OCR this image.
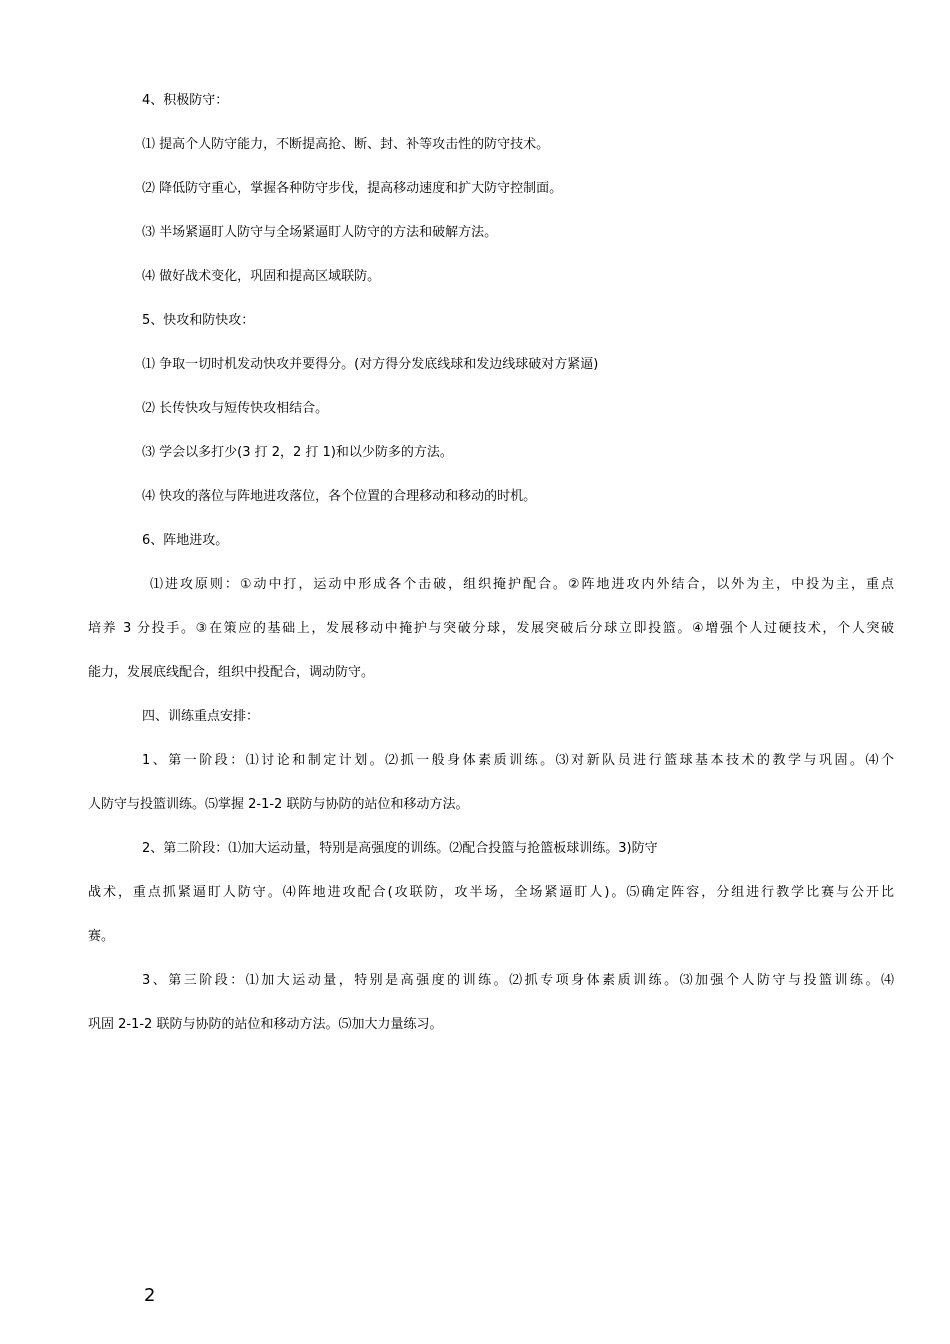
4、积极防守：
⑴ 提高个人防守能力，不断提高抢、断、封、补等攻击性的防守技术。
⑵ 降低防守重心，掌握各种防守步伐，提高移动速度和扩大防守控制面。
⑶ 半场紧逼盯人防守与全场紧逼盯人防守的方法和破解方法。
⑷ 做好战术变化，巩固和提高区域联防。
5、快攻和防快攻：
⑴ 争取一切时机发动快攻并要得分。(对方得分发底线球和发边线球破对方紧逼)
⑵ 长传快攻与短传快攻相结合。
⑶ 学会以多打少(3 打 2，2 打 1)和以少防多的方法。
⑷ 快攻的落位与阵地进攻落位，各个位置的合理移动和移动的时机。
6、阵地进攻。
⑴进攻原则：①动中打，运动中形成各个击破，组织掩护配合。②阵地进攻内外结合，以外为主，中投为主，重点
培养 3 分投手。③在策应的基础上，发展移动中掩护与突破分球，发展突破后分球立即投篮。④增强个人过硬技术，个人突破
能力，发展底线配合，组织中投配合，调动防守。
四、训练重点安排：
1、第一阶段：⑴讨论和制定计划。⑵抓一般身体素质训练。⑶对新队员进行篮球基本技术的教学与巩固。⑷个
人防守与投篮训练。⑸掌握 2-1-2 联防与协防的站位和移动方法。
2、第二阶段：⑴加大运动量，特别是高强度的训练。⑵配合投篮与抢篮板球训练。3)防守
战术，重点抓紧逼盯人防守。⑷阵地进攻配合(攻联防，攻半场，全场紧逼盯人)。⑸确定阵容，分组进行教学比赛与公开比
赛。
3、第三阶段：⑴加大运动量，特别是高强度的训练。⑵抓专项身体素质训练。⑶加强个人防守与投篮训练。⑷
巩固 2-1-2 联防与协防的站位和移动方法。⑸加大力量练习。
2
